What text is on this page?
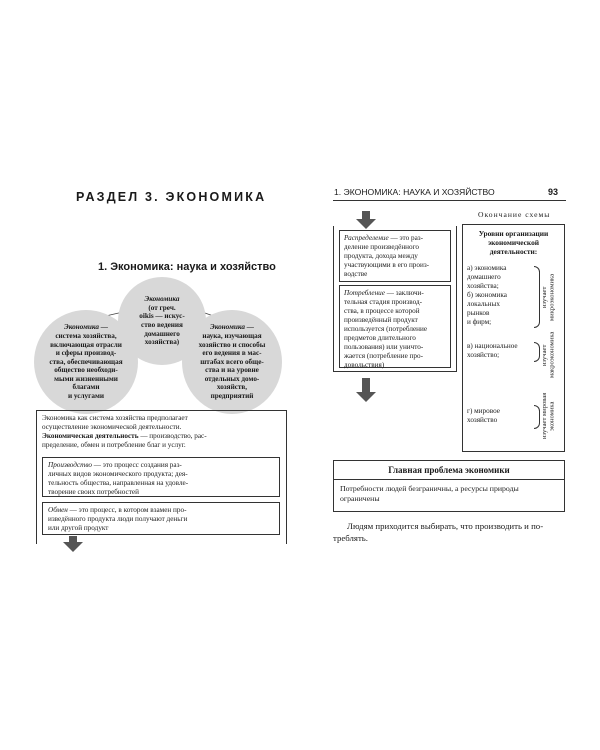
РАЗДЕЛ 3. ЭКОНОМИКА
1. Экономика: наука и хозяйство
Экономика
(от греч.
oikis — искус-
ство ведения
домашнего
хозяйства)
Экономика —
система хозяйства,
включающая отрасли
и сферы производ-
ства, обеспечивающая
общество необходи-
мыми жизненными
благами
и услугами
Экономика —
наука, изучающая
хозяйство и способы
его ведения в мас-
штабах всего обще-
ства и на уровне
отдельных домо-
хозяйств,
предприятий
Экономика как система хозяйства предполагает
осуществление экономической деятельности.
Экономическая деятельность — производство, рас-
пределение, обмен и потребление благ и услуг.
Производство — это процесс создания раз-
личных видов экономического продукта; дея-
тельность общества, направленная на удовле-
творение своих потребностей
Обмен — это процесс, в котором взамен про-
изведённого продукта люди получают деньги
или другой продукт
1. ЭКОНОМИКА: НАУКА И ХОЗЯЙСТВО	93
Окончание схемы
Распределение — это раз-
деление произведённого
продукта, дохода между
участвующими в его произ-
водстве
Потребление — заключи-
тельная стадия производ-
ства, в процессе которой
произведённый продукт
используется (потребление
предметов длительного
пользования) или уничто-
жается (потребление про-
довольствия)
Уровни организации
экономической
деятельности:
а) экономика
домашнего
хозяйства;
б) экономика
локальных
рынков
и фирм;
изучает
микроэкономика
в) национальное
хозяйство;	изучает
макроэкономика
г) мировое
хозяйство	изучает мировая
экономика
Главная проблема экономики
Потребности людей безграничны, а ресурсы природы
ограничены
Людям приходится выбирать, что производить и по-
треблять.
